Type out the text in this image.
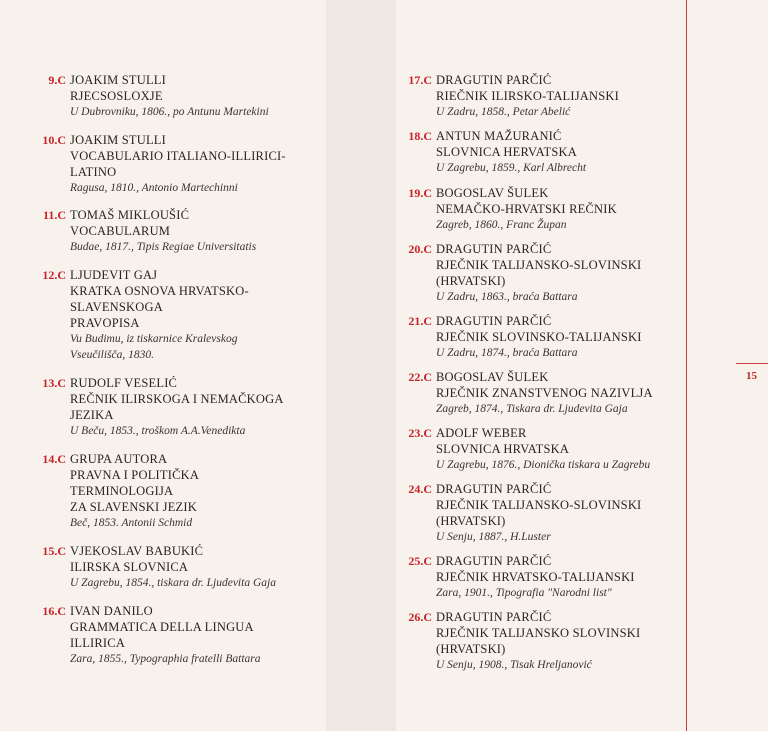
9.C JOAKIM STULLI
RJECSOSLOXJE
U Dubrovniku, 1806., po Antunu Martekini
10.C JOAKIM STULLI
VOCABULARIO ITALIANO-ILLIRICI-
LATINO
Ragusa, 1810., Antonio Martechinni
11.C TOMAŠ MIKLOUŠIĆ
VOCABULARUM
Budae, 1817., Tipis Regiae Universitatis
12.C LJUDEVIT GAJ
KRATKA OSNOVA HRVATSKO-
SLAVENSKOGA
PRAVOPISA
Vu Budimu, iz tiskarnice Kralevskog
Vseučilišča, 1830.
13.C RUDOLF VESELIĆ
REČNIK ILIRSKOGA I NEMAČKOGA
JEZIKA
U Beču, 1853., troškom A.A.Venedikta
14.C GRUPA AUTORA
PRAVNA I POLITIČKA
TERMINOLOGIJA
ZA SLAVENSKI JEZIK
Beč, 1853. Antonii Schmid
15.C VJEKOSLAV BABUKIĆ
ILIRSKA SLOVNICA
U Zagrebu, 1854., tiskara dr. Ljudevita Gaja
16.C IVAN DANILO
GRAMMATICA DELLA LINGUA
ILLIRICA
Zara, 1855., Typographia fratelli Battara
17.C DRAGUTIN PARČIĆ
RIEČNIK ILIRSKO-TALIJANSKI
U Zadru, 1858., Petar Abelić
18.C ANTUN MAŽURANIĆ
SLOVNICA HERVATSKA
U Zagrebu, 1859., Karl Albrecht
19.C BOGOSLAV ŠULEK
NEMAČKO-HRVATSKI REČNIK
Zagreb, 1860., Franc Župan
20.C DRAGUTIN PARČIĆ
RJEČNIK TALIJANSKO-SLOVINSKI
(HRVATSKI)
U Zadru, 1863., braća Battara
21.C DRAGUTIN PARČIĆ
RJEČNIK SLOVINSKO-TALIJANSKI
U Zadru, 1874., braća Battara
22.C BOGOSLAV ŠULEK
RJEČNIK ZNANSTVENOG NAZIVLJA
Zagreb, 1874., Tiskara dr. Ljudevita Gaja
23.C ADOLF WEBER
SLOVNICA HRVATSKA
U Zagrebu, 1876., Dionička tiskara u Zagrebu
24.C DRAGUTIN PARČIĆ
RJEČNIK TALIJANSKO-SLOVINSKI
(HRVATSKI)
U Senju, 1887., H.Luster
25.C DRAGUTIN PARČIĆ
RJEČNIK HRVATSKO-TALIJANSKI
Zara, 1901., Tipografia "Narodni list"
26.C DRAGUTIN PARČIĆ
RJEČNIK TALIJANSKO SLOVINSKI
(HRVATSKI)
U Senju, 1908., Tisak Hreljanović
15
